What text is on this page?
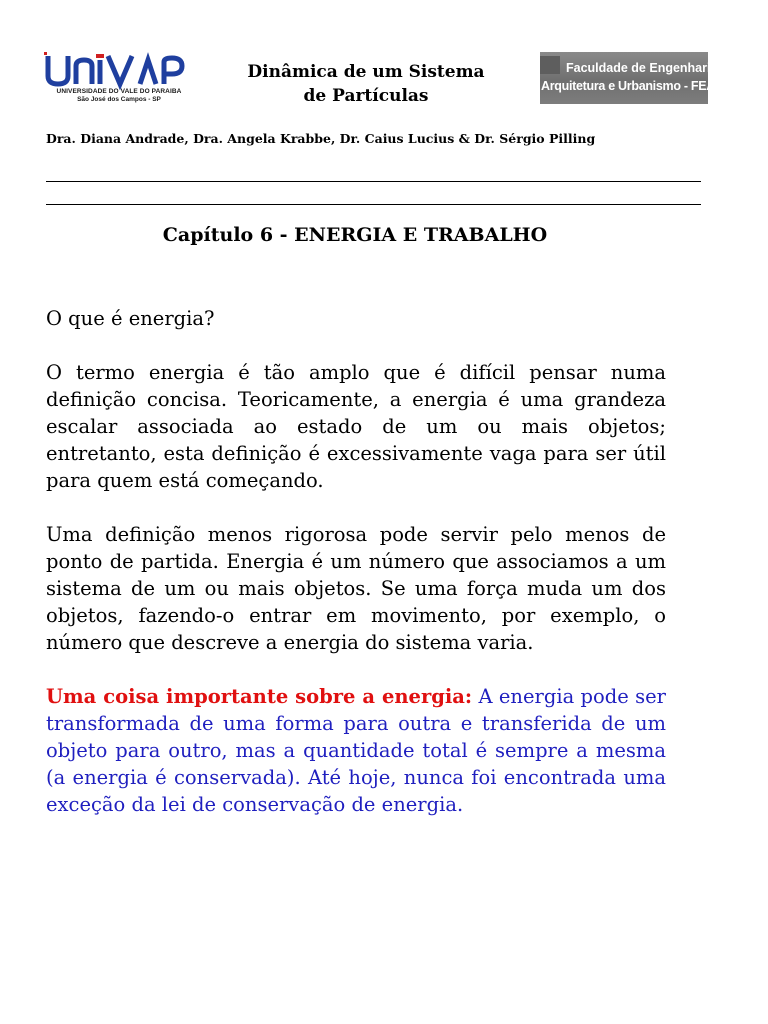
UNIVERSIDADE DO VALE DO PARAIBA
São José dos Campos - SP
Dinâmica de um Sistema
de Partículas
Faculdade de Engenharias,
Arquitetura e Urbanismo - FEAU
Dra. Diana Andrade, Dra. Angela Krabbe, Dr. Caius Lucius & Dr. Sérgio Pilling
Capítulo 6 - ENERGIA E TRABALHO

O que é energia?

O termo energia é tão amplo que é difícil pensar numa definição concisa. Teoricamente, a energia é uma grandeza escalar associada ao estado de um ou mais objetos; entretanto, esta definição é excessivamente vaga para ser útil para quem está começando.

Uma definição menos rigorosa pode servir pelo menos de ponto de partida. Energia é um número que associamos a um sistema de um ou mais objetos. Se uma força muda um dos objetos, fazendo-o entrar em movimento, por exemplo, o número que descreve a energia do sistema varia.

Uma coisa importante sobre a energia: A energia pode ser transformada de uma forma para outra e transferida de um objeto para outro, mas a quantidade total é sempre a mesma (a energia é conservada). Até hoje, nunca foi encontrada uma exceção da lei de conservação de energia.
